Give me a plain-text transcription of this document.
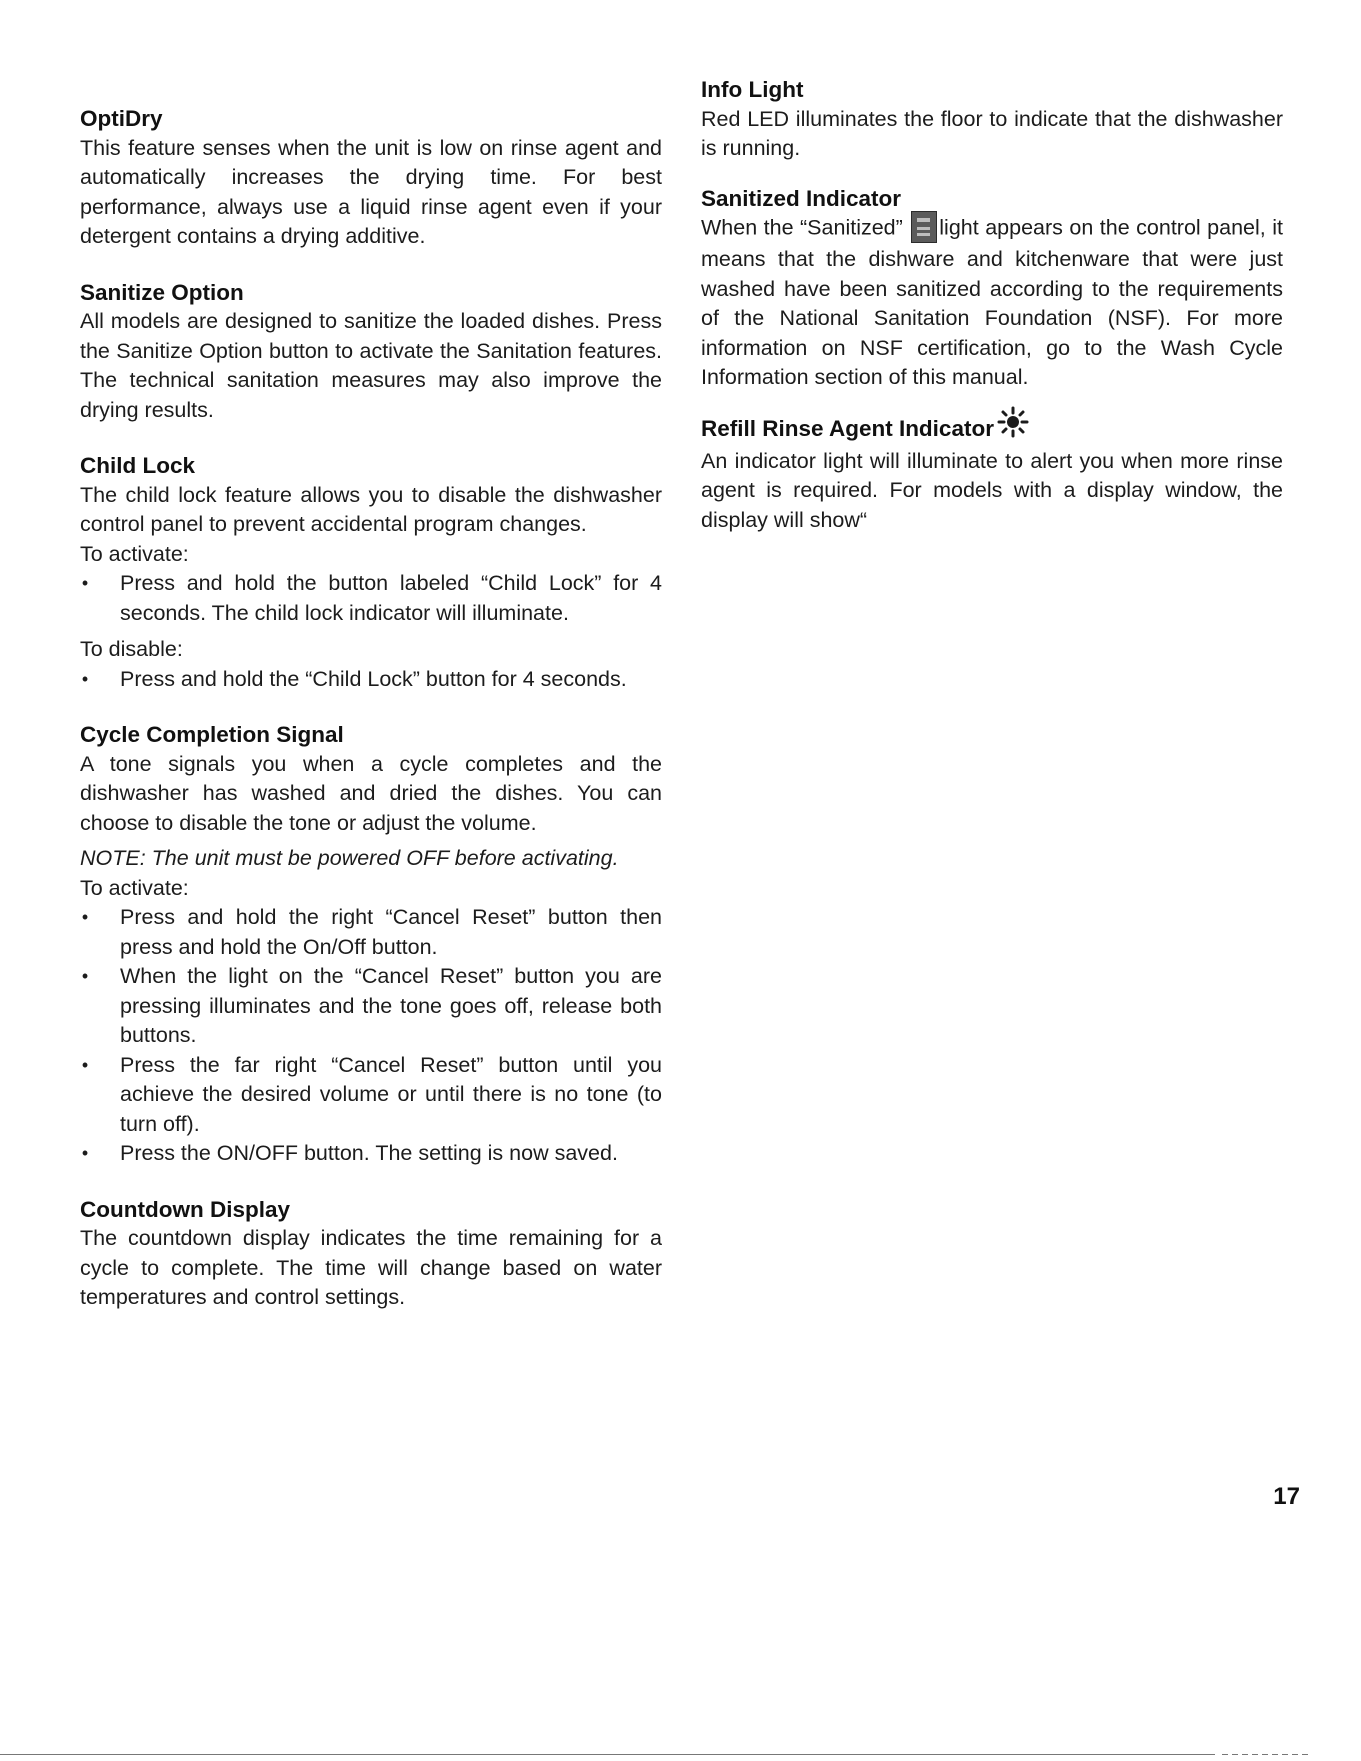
OptiDry

This feature senses when the unit is low on rinse agent and automatically increases the drying time. For best performance, always use a liquid rinse agent even if your detergent contains a drying additive.

Sanitize Option

All models are designed to sanitize the loaded dishes. Press the Sanitize Option button to activate the Sanitation features. The technical sanitation measures may also improve the drying results.

Child Lock

The child lock feature allows you to disable the dishwasher control panel to prevent accidental program changes.

To activate:

• Press and hold the button labeled “Child Lock” for 4 seconds. The child lock indicator will illuminate.

To disable:

• Press and hold the “Child Lock” button for 4 seconds.
Cycle Completion Signal

A tone signals you when a cycle completes and the dishwasher has washed and dried the dishes. You can choose to disable the tone or adjust the volume.

NOTE: The unit must be powered OFF before activating.

To activate:

• Press and hold the right “Cancel Reset” button then press and hold the On/Off button.
• When the light on the “Cancel Reset” button you are pressing illuminates and the tone goes off, release both buttons.
• Press the far right “Cancel Reset” button until you achieve the desired volume or until there is no tone (to turn off).
• Press the ON/OFF button. The setting is now saved.
Countdown Display

The countdown display indicates the time remaining for a cycle to complete. The time will change based on water temperatures and control settings.

Info Light

Red LED illuminates the floor to indicate that the dishwasher is running.

Sanitized Indicator

When the “Sanitized” light appears on the control panel, it means that the dishware and kitchenware that were just washed have been sanitized according to the requirements of the National Sanitation Foundation (NSF). For more information on NSF certification, go to the Wash Cycle Information section of this manual.

Refill Rinse Agent Indicator

An indicator light will illuminate to alert you when more rinse agent is required. For models with a display window, the display will show“

17
